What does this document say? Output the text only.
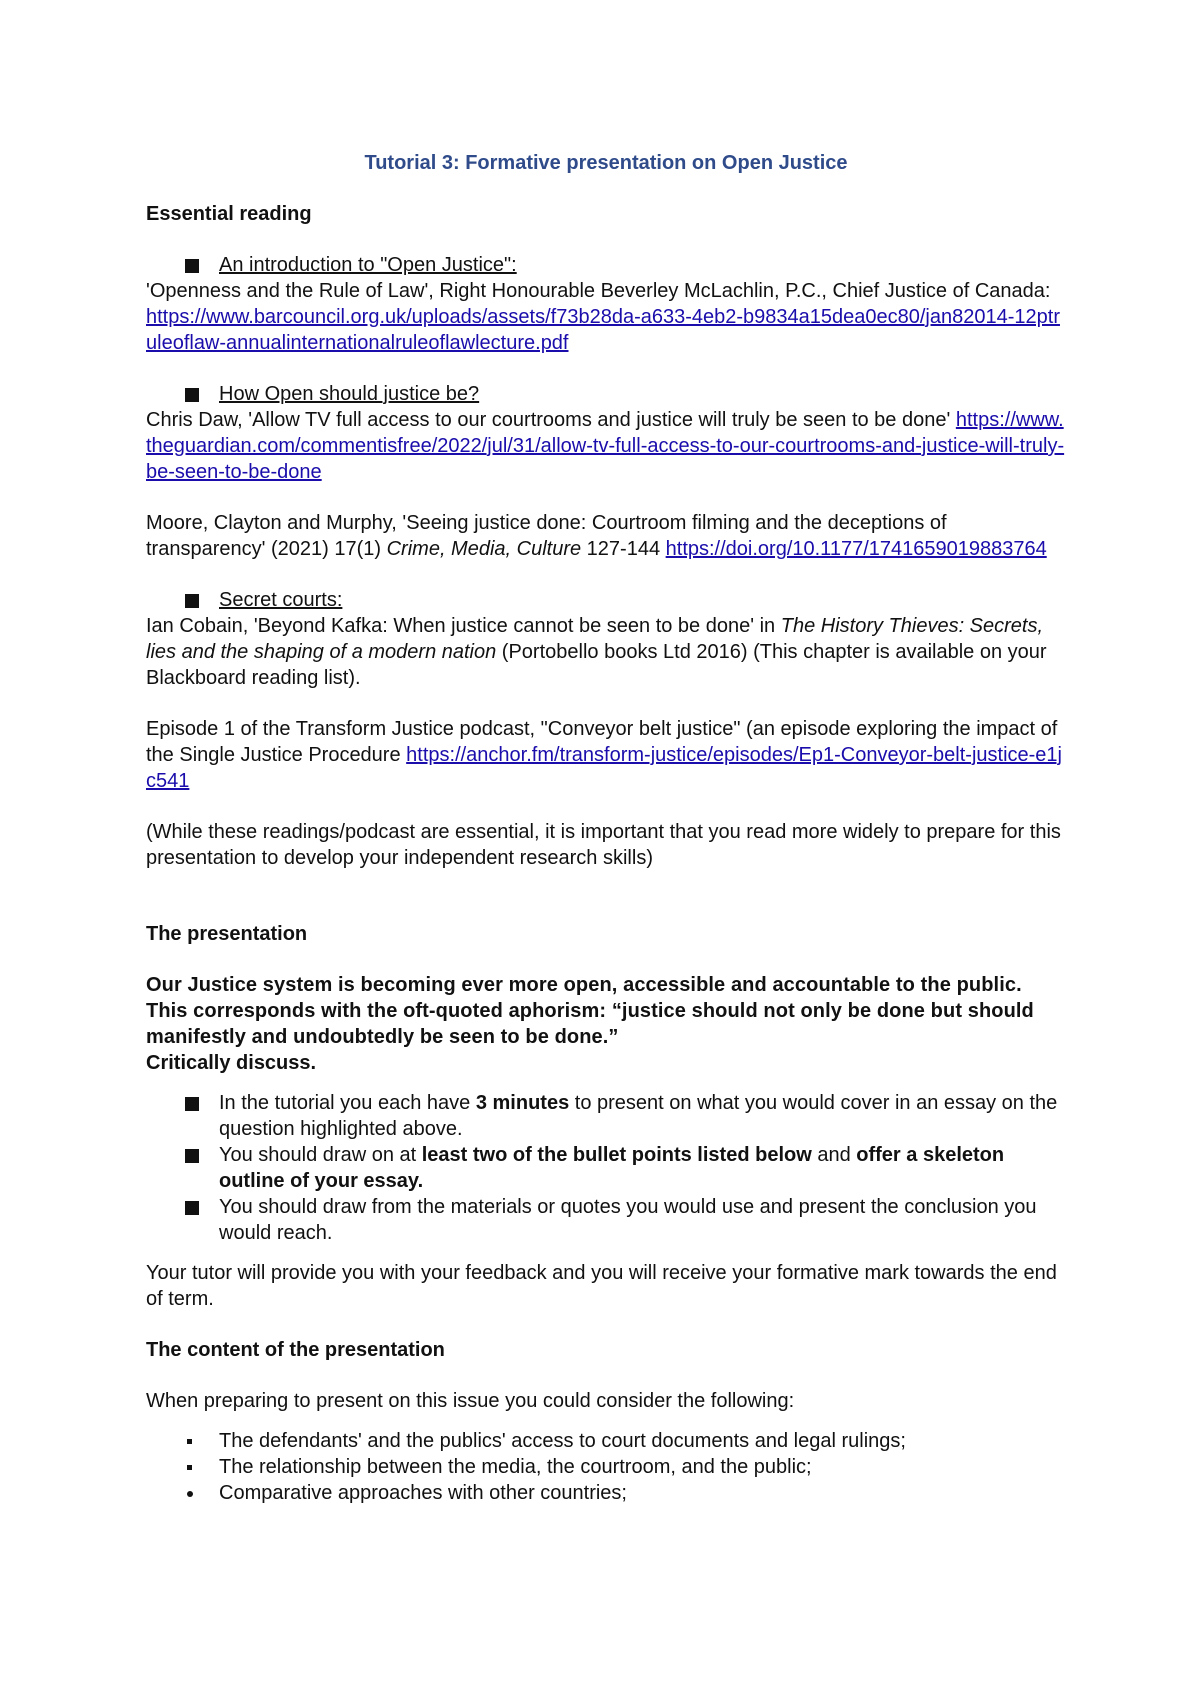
Tutorial 3: Formative presentation on Open Justice
Essential reading
An introduction to "Open Justice":

'Openness and the Rule of Law', Right Honourable Beverley McLachlin, P.C., Chief Justice of Canada: https://www.barcouncil.org.uk/uploads/assets/f73b28da-a633-4eb2-b9834a15dea0ec80/jan82014-12ptruleoflaw-annualinternationalruleoflawlecture.pdf

How Open should justice be?

Chris Daw, 'Allow TV full access to our courtrooms and justice will truly be seen to be done' https://www.theguardian.com/commentisfree/2022/jul/31/allow-tv-full-access-to-our-courtrooms-and-justice-will-truly-be-seen-to-be-done

Moore, Clayton and Murphy, 'Seeing justice done: Courtroom filming and the deceptions of transparency' (2021) 17(1) Crime, Media, Culture 127-144 https://doi.org/10.1177/1741659019883764

Secret courts:

Ian Cobain, 'Beyond Kafka: When justice cannot be seen to be done' in The History Thieves: Secrets, lies and the shaping of a modern nation (Portobello books Ltd 2016) (This chapter is available on your Blackboard reading list).

Episode 1 of the Transform Justice podcast, "Conveyor belt justice" (an episode exploring the impact of the Single Justice Procedure https://anchor.fm/transform-justice/episodes/Ep1-Conveyor-belt-justice-e1jc541

(While these readings/podcast are essential, it is important that you read more widely to prepare for this presentation to develop your independent research skills)

The presentation

Our Justice system is becoming ever more open, accessible and accountable to the public. This corresponds with the oft-quoted aphorism: “justice should not only be done but should manifestly and undoubtedly be seen to be done.”

Critically discuss.

In the tutorial you each have 3 minutes to present on what you would cover in an essay on the question highlighted above.
You should draw on at least two of the bullet points listed below and offer a skeleton outline of your essay.
You should draw from the materials or quotes you would use and present the conclusion you would reach.

Your tutor will provide you with your feedback and you will receive your formative mark towards the end of term.

The content of the presentation

When preparing to present on this issue you could consider the following:

The defendants' and the publics' access to court documents and legal rulings;
The relationship between the media, the courtroom, and the public;
Comparative approaches with other countries;
